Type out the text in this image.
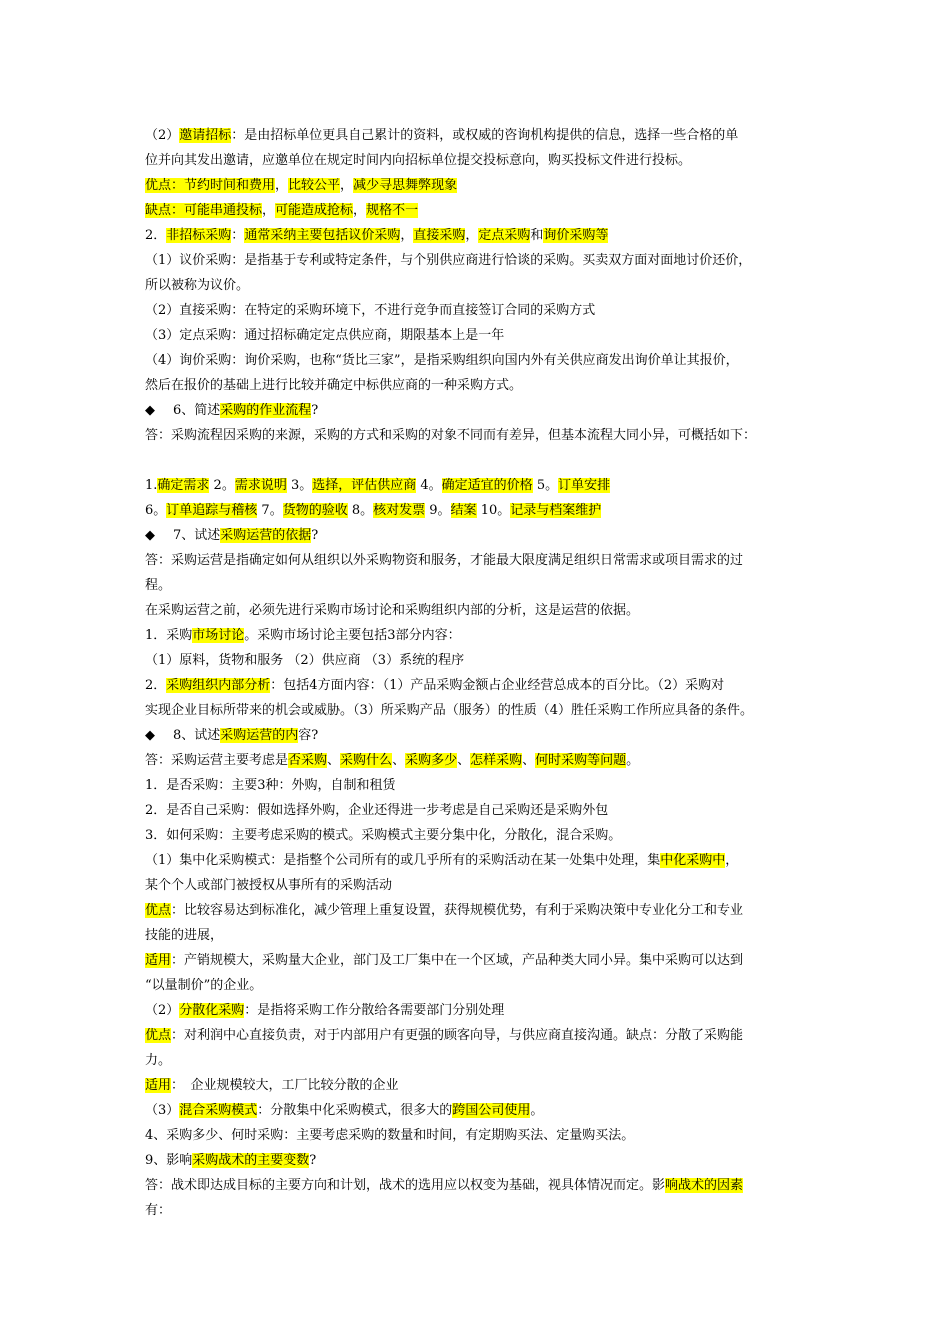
（2）邀请招标：是由招标单位更具自己累计的资料，或权威的咨询机构提供的信息，选择一些合格的单
位并向其发出邀请，应邀单位在规定时间内向招标单位提交投标意向，购买投标文件进行投标。
优点：节约时间和费用，比较公平，减少寻思舞弊现象
缺点：可能串通投标，可能造成抢标，规格不一
2．非招标采购：通常采纳主要包括议价采购，直接采购，定点采购和询价采购等
（1）议价采购：是指基于专利或特定条件，与个别供应商进行恰谈的采购。买卖双方面对面地讨价还价，
所以被称为议价。
（2）直接采购：在特定的采购环境下，不进行竞争而直接签订合同的采购方式
（3）定点采购：通过招标确定定点供应商，期限基本上是一年
（4）询价采购：询价采购，也称“货比三家”，是指采购组织向国内外有关供应商发出询价单让其报价，
然后在报价的基础上进行比较并确定中标供应商的一种采购方式。
◆ 6、简述采购的作业流程?
答：采购流程因采购的来源，采购的方式和采购的对象不同而有差异，但基本流程大同小异，可概括如下：
1.确定需求 2。需求说明 3。选择，评估供应商 4。确定适宜的价格 5。订单安排
6。订单追踪与稽核 7。货物的验收 8。核对发票 9。结案 10。记录与档案维护
◆ 7、试述采购运营的依据?
答：采购运营是指确定如何从组织以外采购物资和服务，才能最大限度满足组织日常需求或项目需求的过
程。
在采购运营之前，必须先进行采购市场讨论和采购组织内部的分析，这是运营的依据。
1．采购市场讨论。采购市场讨论主要包括3部分内容：
（1）原料，货物和服务 （2）供应商 （3）系统的程序
2．采购组织内部分析：包括4方面内容：（1）产品采购金额占企业经营总成本的百分比。（2）采购对
实现企业目标所带来的机会或威胁。（3）所采购产品（服务）的性质（4）胜任采购工作所应具备的条件。
◆ 8、试述采购运营的内容?
答：采购运营主要考虑是否采购、采购什么、采购多少、怎样采购、何时采购等问题。
1．是否采购：主要3种：外购，自制和租赁
2．是否自己采购：假如选择外购，企业还得进一步考虑是自己采购还是采购外包
3．如何采购：主要考虑采购的模式。采购模式主要分集中化，分散化，混合采购。
（1）集中化采购模式：是指整个公司所有的或几乎所有的采购活动在某一处集中处理，集中化采购中，
某个个人或部门被授权从事所有的采购活动
优点：比较容易达到标准化，减少管理上重复设置，获得规模优势，有利于采购决策中专业化分工和专业
技能的进展，
适用：产销规模大，采购量大企业，部门及工厂集中在一个区域，产品种类大同小异。集中采购可以达到
“以量制价”的企业。
（2）分散化采购：是指将采购工作分散给各需要部门分别处理
优点：对利润中心直接负责，对于内部用户有更强的顾客向导，与供应商直接沟通。缺点：分散了采购能
力。
适用：　企业规模较大，工厂比较分散的企业
（3）混合采购模式：分散集中化采购模式，很多大的跨国公司使用。
4、采购多少、何时采购：主要考虑采购的数量和时间，有定期购买法、定量购买法。
9、影响采购战术的主要变数?
答：战术即达成目标的主要方向和计划，战术的选用应以权变为基础，视具体情况而定。影响战术的因素
有：
